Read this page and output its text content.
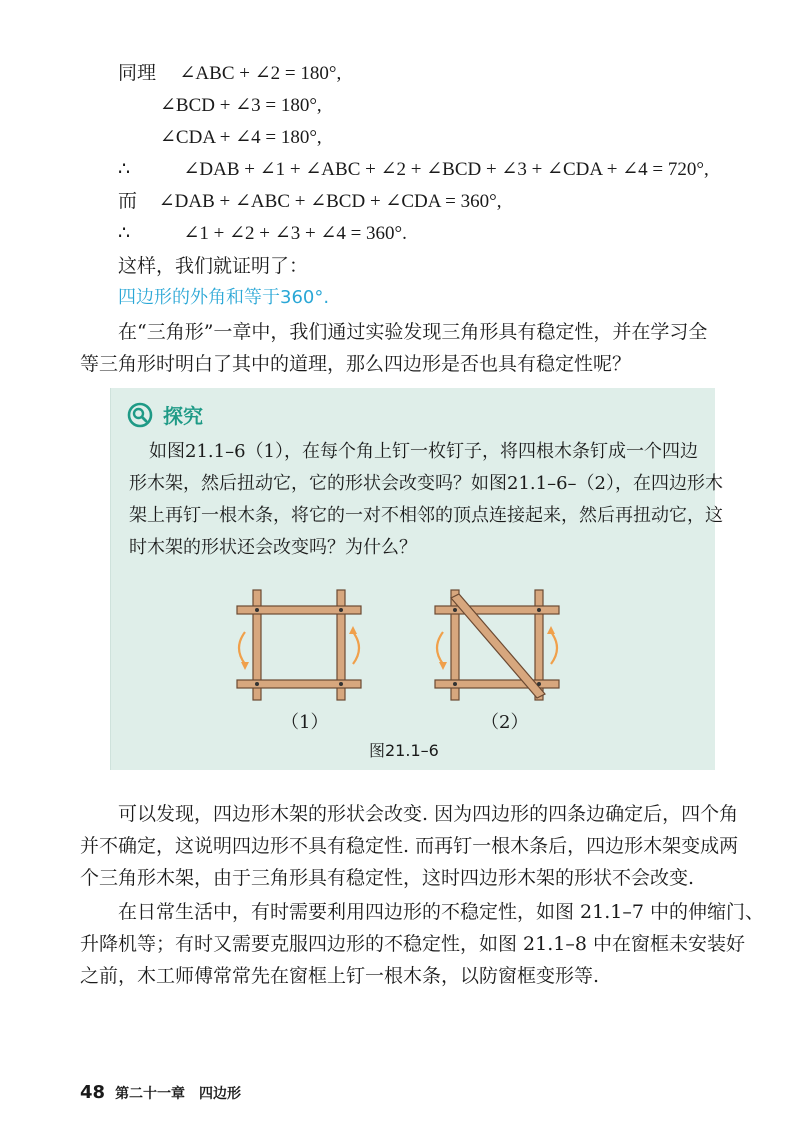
同理 ∠ABC + ∠2 = 180°,
∠BCD + ∠3 = 180°,
∠CDA + ∠4 = 180°,
∴	∠DAB + ∠1 + ∠ABC + ∠2 + ∠BCD + ∠3 + ∠CDA + ∠4 = 720°,
而 ∠DAB + ∠ABC + ∠BCD + ∠CDA = 360°,
∴	∠1 + ∠2 + ∠3 + ∠4 = 360°.
这样，我们就证明了：
四边形的外角和等于360°.
在“三角形”一章中，我们通过实验发现三角形具有稳定性，并在学习全
等三角形时明白了其中的道理，那么四边形是否也具有稳定性呢？
探究
如图21.1–6（1），在每个角上钉一枚钉子，将四根木条钉成一个四边
形木架，然后扭动它，它的形状会改变吗？如图21.1–6–（2），在四边形木
架上再钉一根木条，将它的一对不相邻的顶点连接起来，然后再扭动它，这
时木架的形状还会改变吗？为什么？
（1）	（2）
图21.1–6
可以发现，四边形木架的形状会改变. 因为四边形的四条边确定后，四个角
并不确定，这说明四边形不具有稳定性. 而再钉一根木条后，四边形木架变成两
个三角形木架，由于三角形具有稳定性，这时四边形木架的形状不会改变.
在日常生活中，有时需要利用四边形的不稳定性，如图 21.1–7 中的伸缩门、
升降机等；有时又需要克服四边形的不稳定性，如图 21.1–8 中在窗框未安装好
之前，木工师傅常常先在窗框上钉一根木条，以防窗框变形等.
48 第二十一章　四边形
